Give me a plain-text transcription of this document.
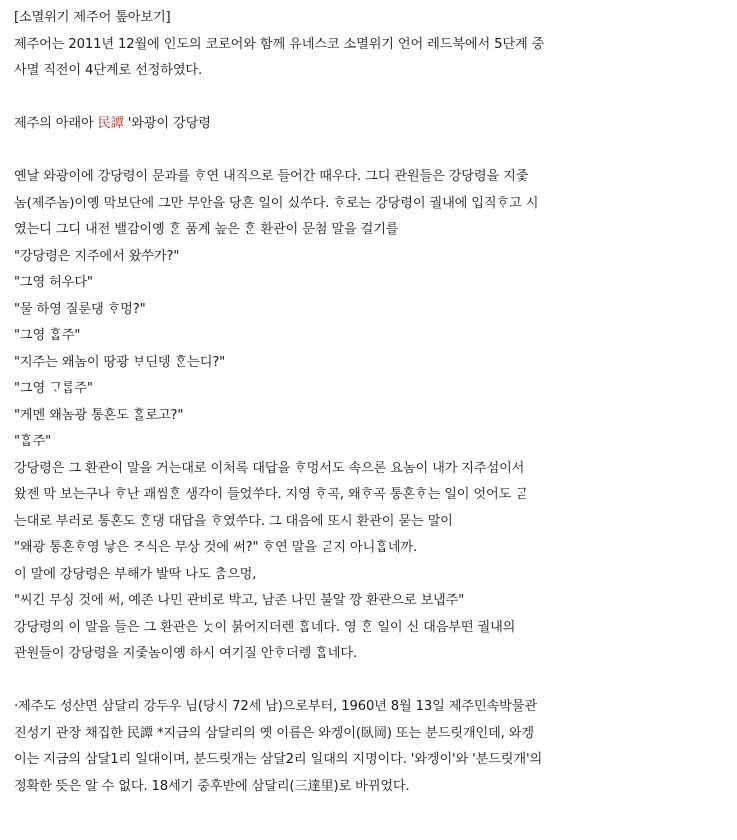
[소멸위기 제주어 톺아보기]
제주어는 2011년 12월에 인도의 코로어와 함께 유네스코 소멸위기 언어 레드북에서 5단계 중
사멸 직전이 4단계로 선정하였다.
제주의 아래아 民譚 '와광이 강당령
옌날 와광이에 강당령이 문과를 ᄒᆞ연 내직으로 들어간 때우다. 그디 관원들은 강당령을 지줓
놈(제주놈)이옝 막보단에 그만 무안을 당흔 일이 싰쑤다. ᄒᆞ로는 강당령이 궐내에 입직ᄒᆞ고 시
였는디 그디 내전 밸감이옝 ᄒᆞᆫ 품계 높은 ᄒᆞᆫ 환관이 문첨 말을 걸기를
"강당령은 지주에서 왔쑤가?"
"그영 허우다"
"물 하영 질룬댕 ᄒᆞ멍?"
"그영 ᄒᆞᆸ주"
"지주는 왜놈이 땅광 ᄇᆞ딘뎅 ᄒᆞᆫ는디?"
"그영 ᄀᆞᄅᆞᆸ주"
"게멘 왜놈광 통혼도 ᄒᆞᆯ로고?"
"ᄒᆞᆸ주"
강당령은 그 환관이 말을 거는대로 이처록 대답을 ᄒᆞ멍서도 속으론 요놈이 내가 지주섬이서
왔젠 막 보는구나 ᄒᆞ난 괘씸ᄒᆞᆫ 생각이 들었쑤다. 지영 ᄒᆞ곡, 왜ᄒᆞ곡 통혼ᄒᆞ는 일이 엇어도 ᄀᆞᆮ
는대로 부러로 통혼도 ᄒᆞᆫ댕 대답을 ᄒᆞ였쑤다. 그 대음에 또시 환관이 묻는 말이
"왜광 통혼ᄒᆞ영 낳은 ᄌᆞ식은 무상 것에 써?" ᄒᆞ연 말을 ᄀᆞᆮ지 아니ᄒᆞᆸ네까.
이 말에 강당령은 부해가 발딱 나도 ᄎᆞᆷ으멍,
"씨긴 무싱 것에 써, 예존 나민 관비로 박고, 남존 나민 불알 깡 환관으로 보냅주"
강당령의 이 말을 들은 그 환관은 ᄂᆞᆺ이 붉어지더렌 ᄒᆞᆸ네다. 영 ᄒᆞᆫ 일이 신 대음부떤 궐내의
관원들이 강당령을 지줓놈이옝 하시 여기질 안ᄒᆞ더렝 ᄒᆞᆸ네다.
·제주도 성산면 삼달리 강두우 님(당시 72세 남)으로부터, 1960년 8월 13일 제주민속박물관
진성기 관장 채집한 民譚 *지금의 삼달리의 옛 이름은 와겡이(臥岡) 또는 분드릿개인데, 와겡
이는 지금의 삼달1리 일대이며, 분드릿개는 삼달2리 일대의 지명이다. '와겡이'와 '분드릿개'의
정확한 뜻은 알 수 없다. 18세기 중후반에 삼달리(三達里)로 바뀌었다.
